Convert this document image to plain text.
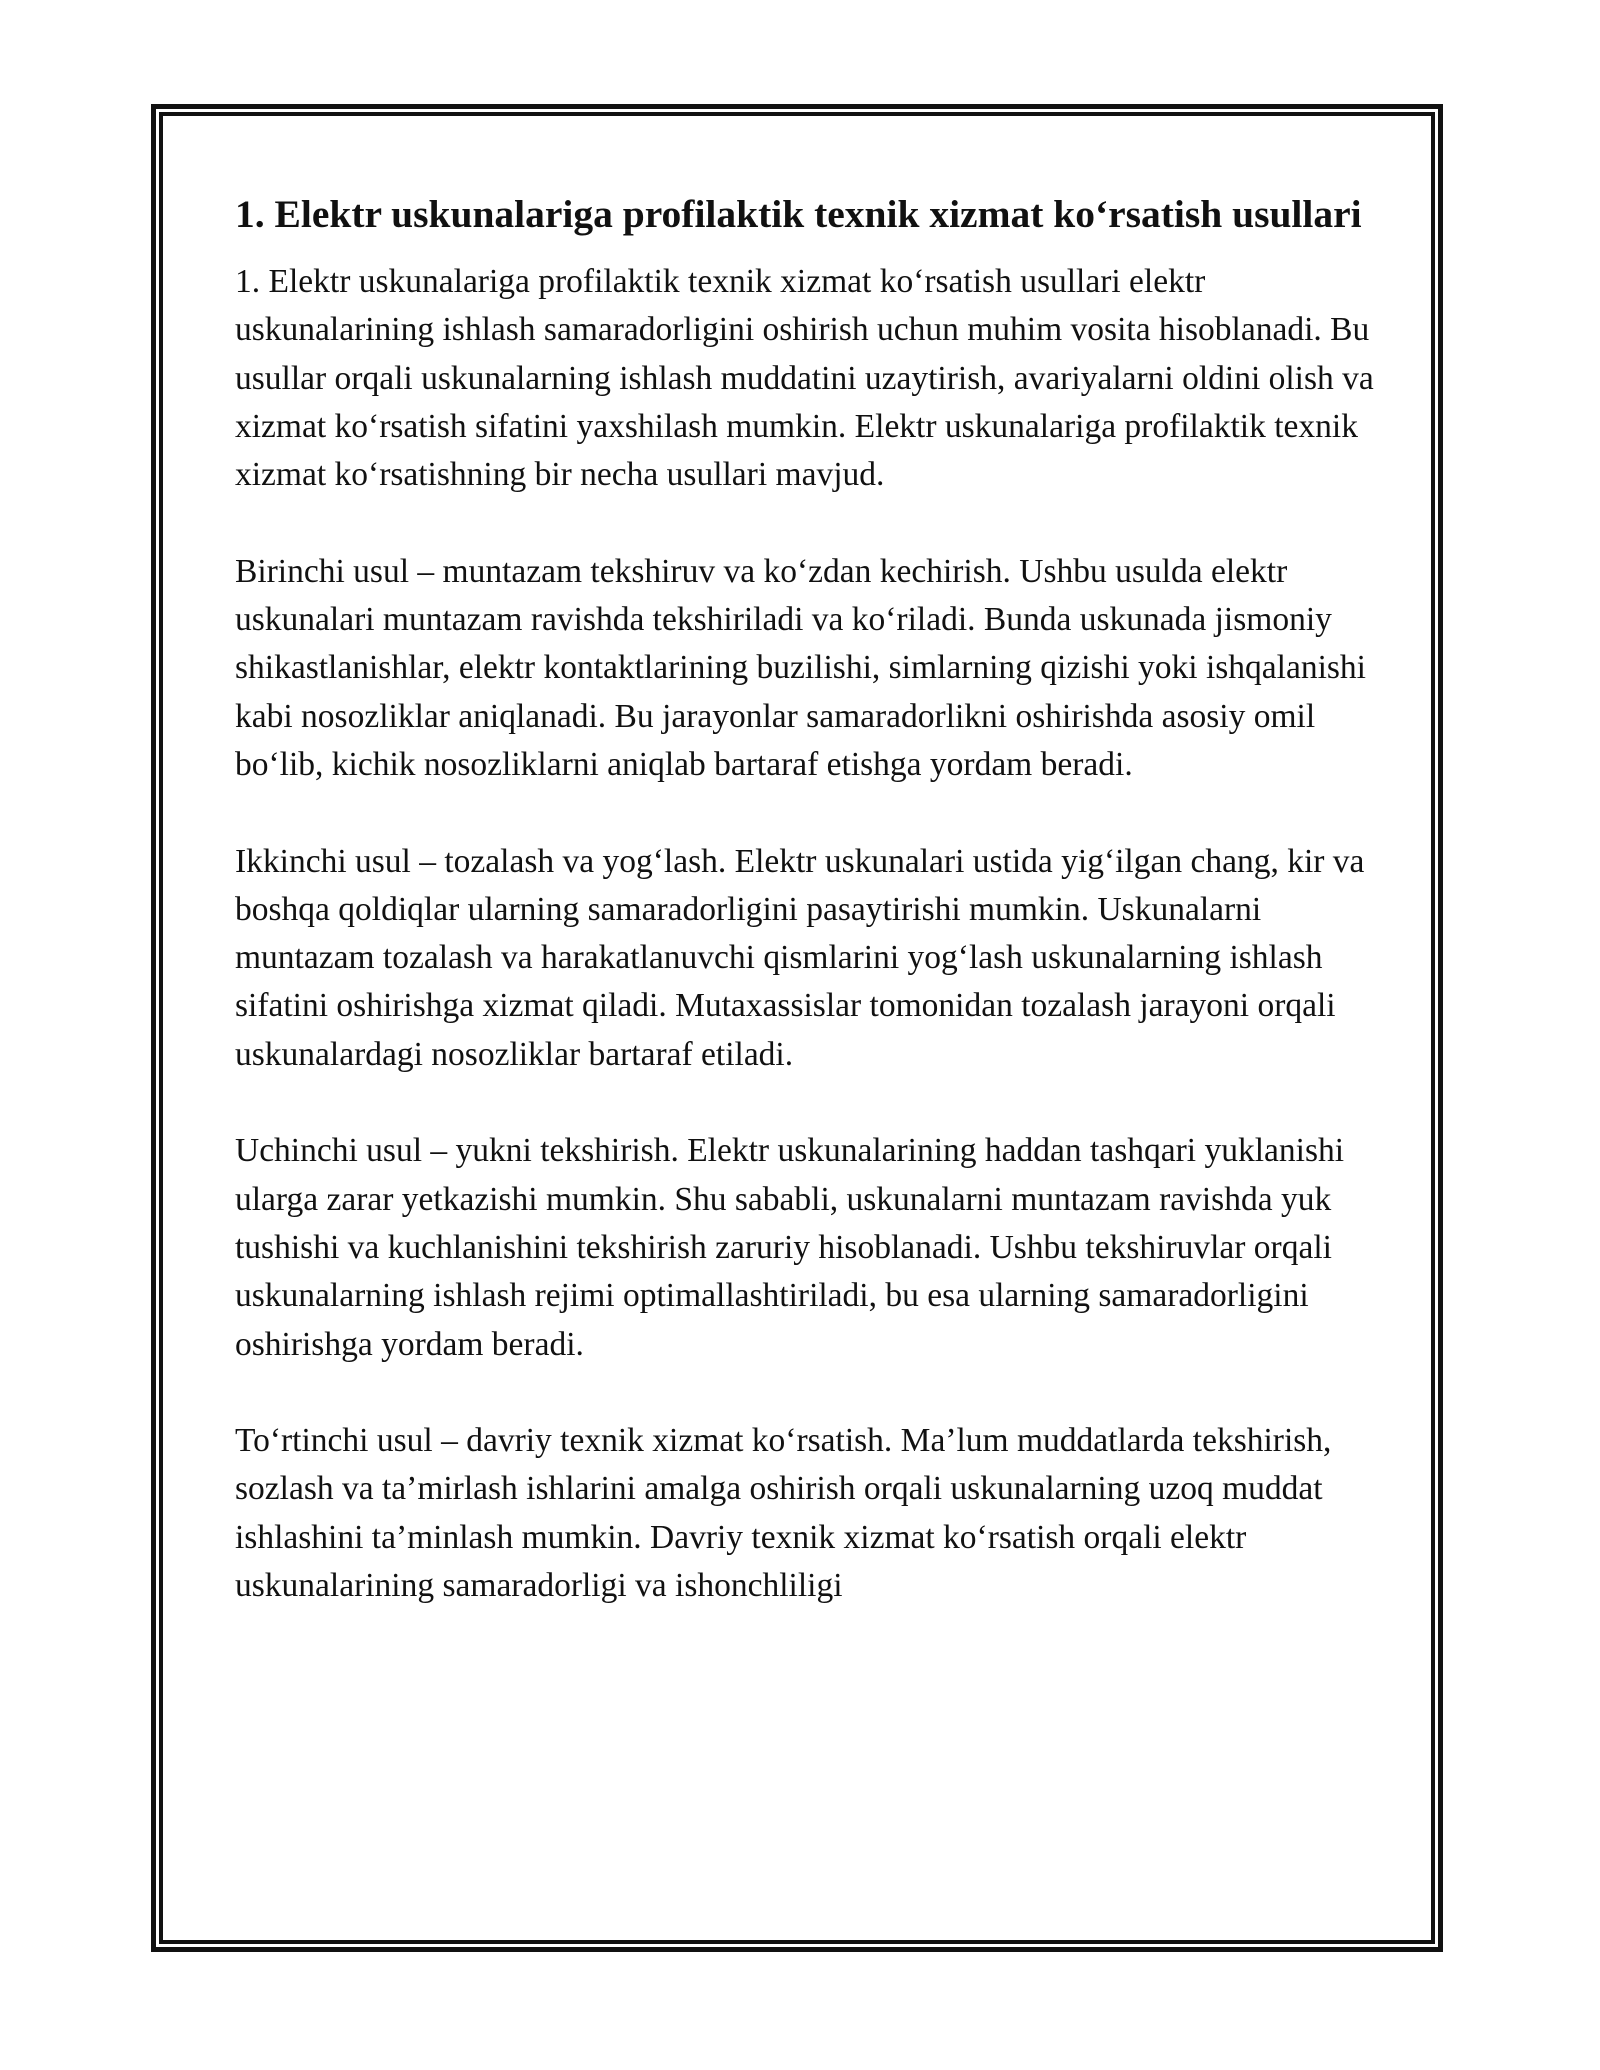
1. Elektr uskunalariga profilaktik texnik xizmat ko‘rsatish usullari

1. Elektr uskunalariga profilaktik texnik xizmat ko‘rsatish usullari elektr uskunalarining ishlash samaradorligini oshirish uchun muhim vosita hisoblanadi. Bu usullar orqali uskunalarning ishlash muddatini uzaytirish, avariyalarni oldini olish va xizmat ko‘rsatish sifatini yaxshilash mumkin. Elektr uskunalariga profilaktik texnik xizmat ko‘rsatishning bir necha usullari mavjud.

Birinchi usul – muntazam tekshiruv va ko‘zdan kechirish. Ushbu usulda elektr uskunalari muntazam ravishda tekshiriladi va ko‘riladi. Bunda uskunada jismoniy shikastlanishlar, elektr kontaktlarining buzilishi, simlarning qizishi yoki ishqalanishi kabi nosozliklar aniqlanadi. Bu jarayonlar samaradorlikni oshirishda asosiy omil bo‘lib, kichik nosozliklarni aniqlab bartaraf etishga yordam beradi.

Ikkinchi usul – tozalash va yog‘lash. Elektr uskunalari ustida yig‘ilgan chang, kir va boshqa qoldiqlar ularning samaradorligini pasaytirishi mumkin. Uskunalarni muntazam tozalash va harakatlanuvchi qismlarini yog‘lash uskunalarning ishlash sifatini oshirishga xizmat qiladi. Mutaxassislar tomonidan tozalash jarayoni orqali uskunalardagi nosozliklar bartaraf etiladi.

Uchinchi usul – yukni tekshirish. Elektr uskunalarining haddan tashqari yuklanishi ularga zarar yetkazishi mumkin. Shu sababli, uskunalarni muntazam ravishda yuk tushishi va kuchlanishini tekshirish zaruriy hisoblanadi. Ushbu tekshiruvlar orqali uskunalarning ishlash rejimi optimallashtiriladi, bu esa ularning samaradorligini oshirishga yordam beradi.

To‘rtinchi usul – davriy texnik xizmat ko‘rsatish. Ma’lum muddatlarda tekshirish, sozlash va ta’mirlash ishlarini amalga oshirish orqali uskunalarning uzoq muddat ishlashini ta’minlash mumkin. Davriy texnik xizmat ko‘rsatish orqali elektr uskunalarining samaradorligi va ishonchliligi
